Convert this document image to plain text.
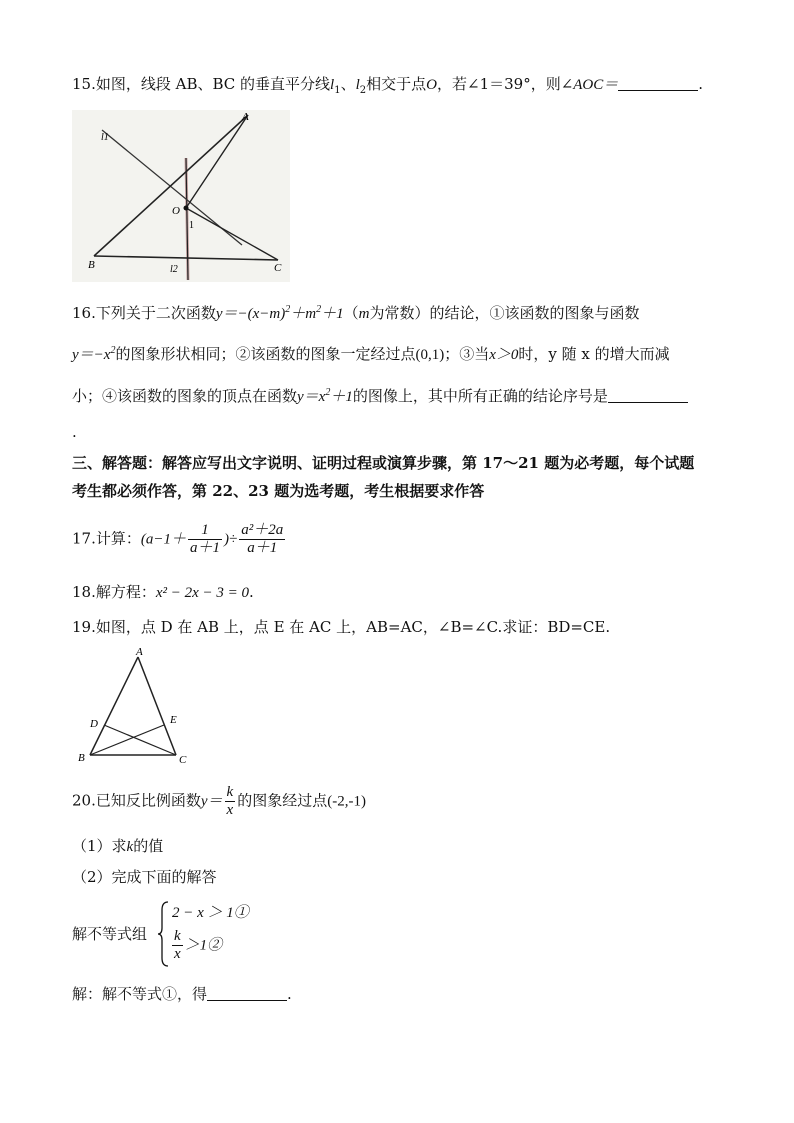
15.如图，线段 AB、BC 的垂直平分线$l_1$、$l_2$相交于点O，若∠1＝39°，则∠AOC＝	.
A
B	C
O
1
l1
l2
16.下列关于二次函数$y=-(x-m)^2+m^2+1(m$为常数）的结论，①该函数的图象与函数
$y=-x^2$的图象形状相同；②该函数的图象一定经过点(0,1)；③当x＞0时，y 随 x 的增大而减
小；④该函数的图象的顶点在函数$y=x^2+1$的图像上，其中所有正确的结论序号是
.
三、解答题：解答应写出文字说明、证明过程或演算步骤，第 17～21 题为必考题，每个试题
考生都必须作答，第 22、23 题为选考题，考生根据要求作答
17.计算：($a-1+ \frac{1}{a+1}$ )÷ $\frac{\text{a²＋2a}}{a+1}$
18.解方程：x² − 2x − 3 = 0.
19.如图，点 D 在 AB 上，点 E 在 AC 上，AB=AC，∠B=∠C.求证：BD=CE.
A
B	C
D	E
20.已知反比例函数$y= \frac{k}{x}$ 的图象经过点(-2,-1)
（1）求k的值
（2）完成下面的解答
解不等式组
2 − x ＞ 1①
$\frac{k}{x}$ ＞1②
解：解不等式①，得	.
